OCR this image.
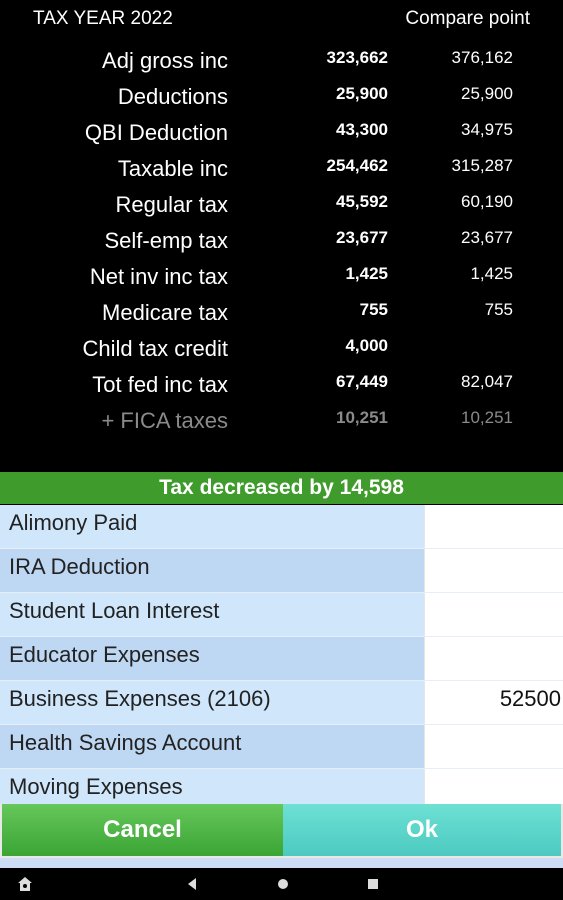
TAX YEAR 2022	Compare point
Adj gross inc	323,662	376,162
Deductions	25,900	25,900
QBI Deduction	43,300	34,975
Taxable inc	254,462	315,287
Regular tax	45,592	60,190
Self-emp tax	23,677	23,677
Net inv inc tax	1,425	1,425
Medicare tax	755	755
Child tax credit	4,000
Tot fed inc tax	67,449	82,047
+ FICA taxes	10,251	10,251
Tax decreased by 14,598
Alimony Paid
IRA Deduction
Student Loan Interest
Educator Expenses
Business Expenses (2106)	52500
Health Savings Account
Moving Expenses
Cancel	Ok
